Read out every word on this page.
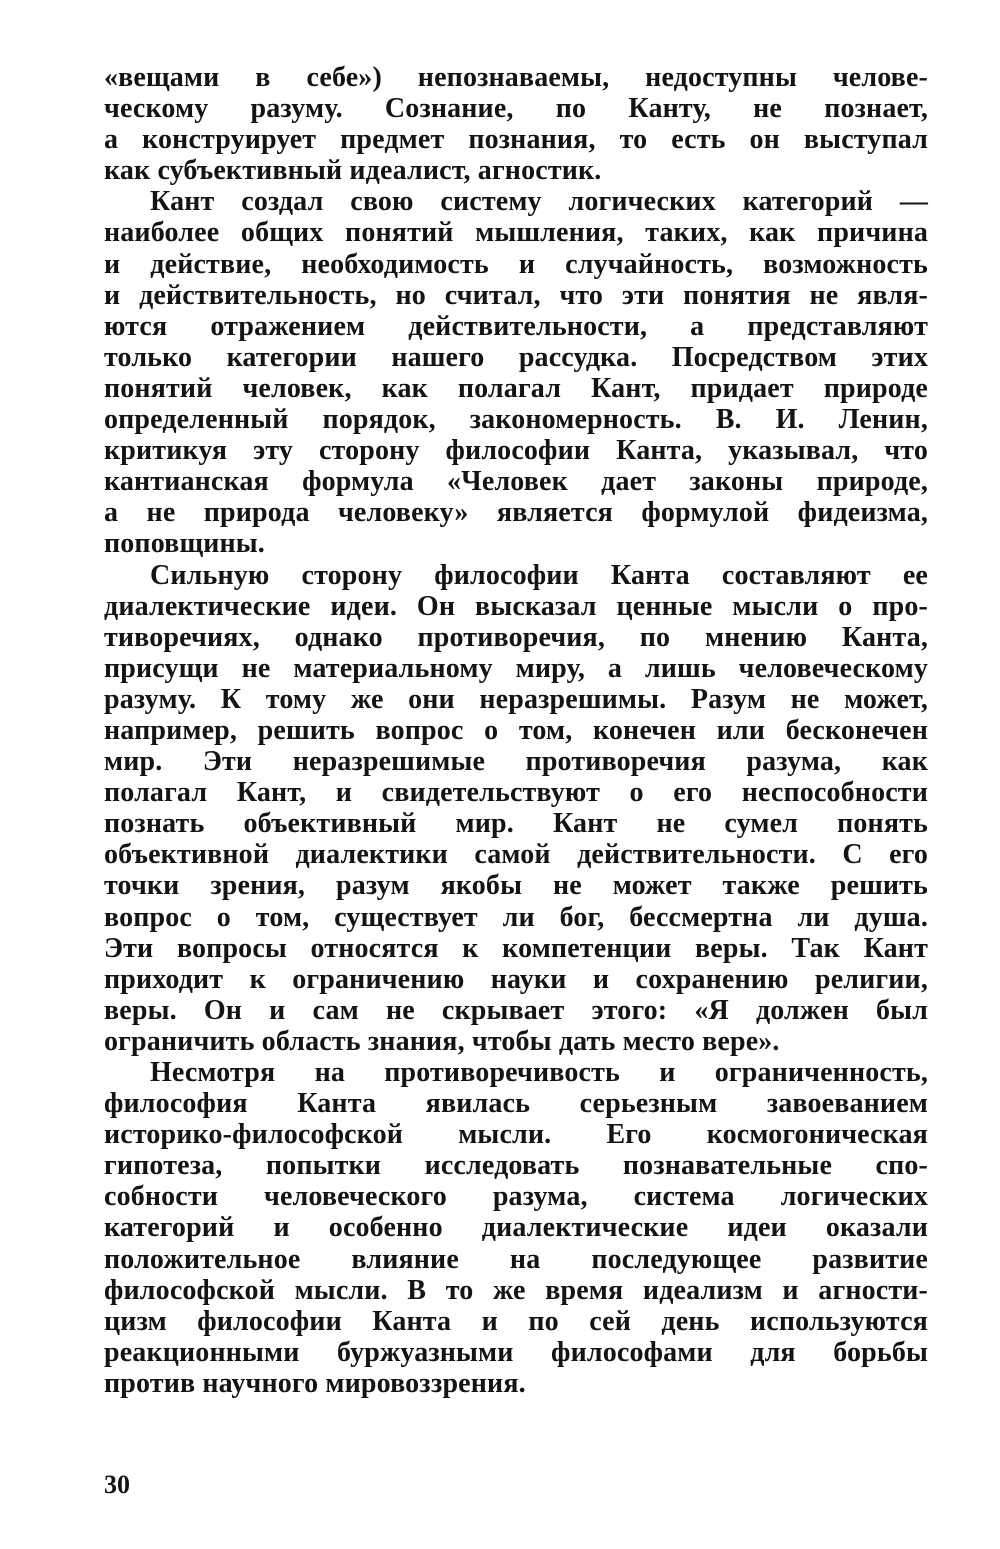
«вещами в себе») непознаваемы, недоступны челове-
ческому разуму. Сознание, по Канту, не познает,
а конструирует предмет познания, то есть он выступал
как субъективный идеалист, агностик.
Кант создал свою систему логических категорий —
наиболее общих понятий мышления, таких, как причина
и действие, необходимость и случайность, возможность
и действительность, но считал, что эти понятия не явля-
ются отражением действительности, а представляют
только категории нашего рассудка. Посредством этих
понятий человек, как полагал Кант, придает природе
определенный порядок, закономерность. В. И. Ленин,
критикуя эту сторону философии Канта, указывал, что
кантианская формула «Человек дает законы природе,
а не природа человеку» является формулой фидеизма,
поповщины.
Сильную сторону философии Канта составляют ее
диалектические идеи. Он высказал ценные мысли о про-
тиворечиях, однако противоречия, по мнению Канта,
присущи не материальному миру, а лишь человеческому
разуму. К тому же они неразрешимы. Разум не может,
например, решить вопрос о том, конечен или бесконечен
мир. Эти неразрешимые противоречия разума, как
полагал Кант, и свидетельствуют о его неспособности
познать объективный мир. Кант не сумел понять
объективной диалектики самой действительности. С его
точки зрения, разум якобы не может также решить
вопрос о том, существует ли бог, бессмертна ли душа.
Эти вопросы относятся к компетенции веры. Так Кант
приходит к ограничению науки и сохранению религии,
веры. Он и сам не скрывает этого: «Я должен был
ограничить область знания, чтобы дать место вере».
Несмотря на противоречивость и ограниченность,
философия Канта явилась серьезным завоеванием
историко-философской мысли. Его космогоническая
гипотеза, попытки исследовать познавательные спо-
собности человеческого разума, система логических
категорий и особенно диалектические идеи оказали
положительное влияние на последующее развитие
философской мысли. В то же время идеализм и агности-
цизм философии Канта и по сей день используются
реакционными буржуазными философами для борьбы
против научного мировоззрения.
30
